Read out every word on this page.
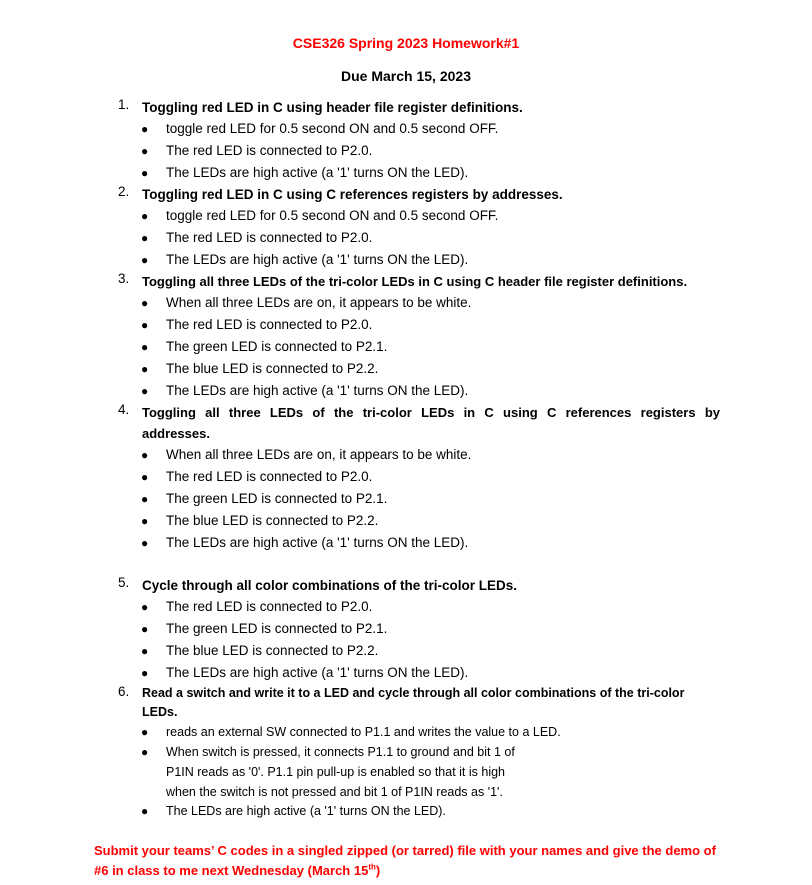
CSE326 Spring 2023 Homework#1
Due March 15, 2023
1. Toggling red LED in C using header file register definitions.
● toggle red LED for 0.5 second ON and 0.5 second OFF.
● The red LED is connected to P2.0.
● The LEDs are high active (a '1' turns ON the LED).
2. Toggling red LED in C using C references registers by addresses.
● toggle red LED for 0.5 second ON and 0.5 second OFF.
● The red LED is connected to P2.0.
● The LEDs are high active (a '1' turns ON the LED).
3. Toggling all three LEDs of the tri-color LEDs in C using C header file register definitions.
● When all three LEDs are on, it appears to be white.
● The red LED is connected to P2.0.
● The green LED is connected to P2.1.
● The blue LED is connected to P2.2.
● The LEDs are high active (a '1' turns ON the LED).
4. Toggling all three LEDs of the tri-color LEDs in C using C references registers by
addresses.
● When all three LEDs are on, it appears to be white.
● The red LED is connected to P2.0.
● The green LED is connected to P2.1.
● The blue LED is connected to P2.2.
● The LEDs are high active (a '1' turns ON the LED).
5. Cycle through all color combinations of the tri-color LEDs.
● The red LED is connected to P2.0.
● The green LED is connected to P2.1.
● The blue LED is connected to P2.2.
● The LEDs are high active (a '1' turns ON the LED).
6. Read a switch and write it to a LED and cycle through all color combinations of the tri-color
LEDs.
● reads an external SW connected to P1.1 and writes the value to a LED.
● When switch is pressed, it connects P1.1 to ground and bit 1 of
P1IN reads as '0'. P1.1 pin pull-up is enabled so that it is high
when the switch is not pressed and bit 1 of P1IN reads as '1'.
● The LEDs are high active (a '1' turns ON the LED).
Submit your teams’ C codes in a singled zipped (or tarred) file with your names and give the demo of
#6 in class to me next Wednesday (March 15th)
